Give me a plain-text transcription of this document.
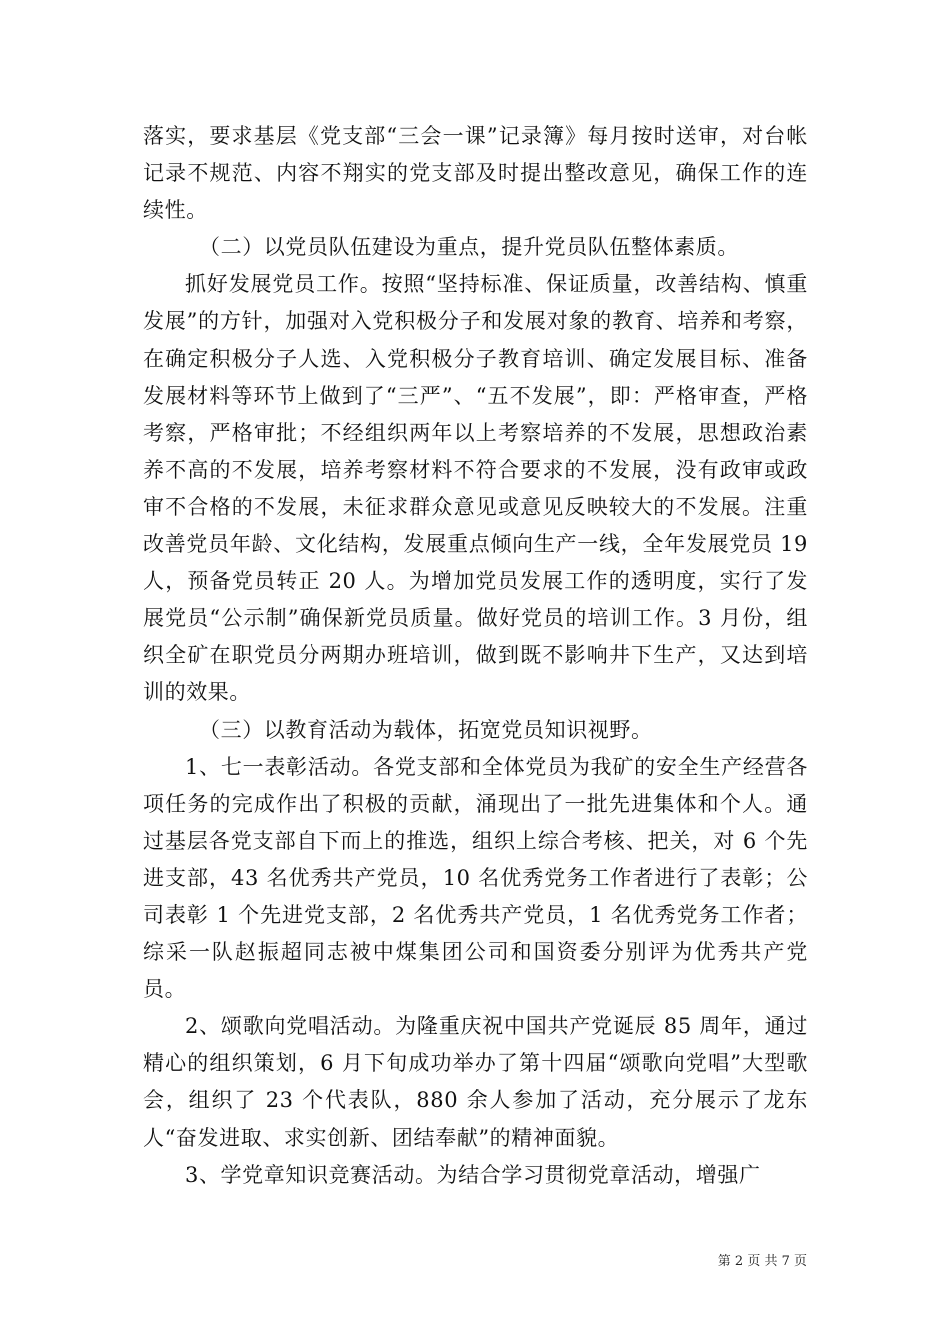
落实，要求基层《党支部“三会一课”记录簿》每月按时送审，对台帐记录不规范、内容不翔实的党支部及时提出整改意见，确保工作的连续性。

（二）以党员队伍建设为重点，提升党员队伍整体素质。

抓好发展党员工作。按照“坚持标准、保证质量，改善结构、慎重发展”的方针，加强对入党积极分子和发展对象的教育、培养和考察，在确定积极分子人选、入党积极分子教育培训、确定发展目标、准备发展材料等环节上做到了“三严”、“五不发展”，即：严格审查，严格考察，严格审批；不经组织两年以上考察培养的不发展，思想政治素养不高的不发展，培养考察材料不符合要求的不发展，没有政审或政审不合格的不发展，未征求群众意见或意见反映较大的不发展。注重改善党员年龄、文化结构，发展重点倾向生产一线，全年发展党员 19 人，预备党员转正 20 人。为增加党员发展工作的透明度，实行了发展党员“公示制”确保新党员质量。做好党员的培训工作。3 月份，组织全矿在职党员分两期办班培训，做到既不影响井下生产，又达到培训的效果。

（三）以教育活动为载体，拓宽党员知识视野。

1、七一表彰活动。各党支部和全体党员为我矿的安全生产经营各项任务的完成作出了积极的贡献，涌现出了一批先进集体和个人。通过基层各党支部自下而上的推选，组织上综合考核、把关，对 6 个先进支部，43 名优秀共产党员，10 名优秀党务工作者进行了表彰；公司表彰 1 个先进党支部，2 名优秀共产党员，1 名优秀党务工作者；综采一队赵振超同志被中煤集团公司和国资委分别评为优秀共产党员。

2、颂歌向党唱活动。为隆重庆祝中国共产党诞辰 85 周年，通过精心的组织策划，6 月下旬成功举办了第十四届“颂歌向党唱”大型歌会，组织了 23 个代表队，880 余人参加了活动，充分展示了龙东人“奋发进取、求实创新、团结奉献”的精神面貌。

3、学党章知识竞赛活动。为结合学习贯彻党章活动，增强广

第 2 页 共 7 页
